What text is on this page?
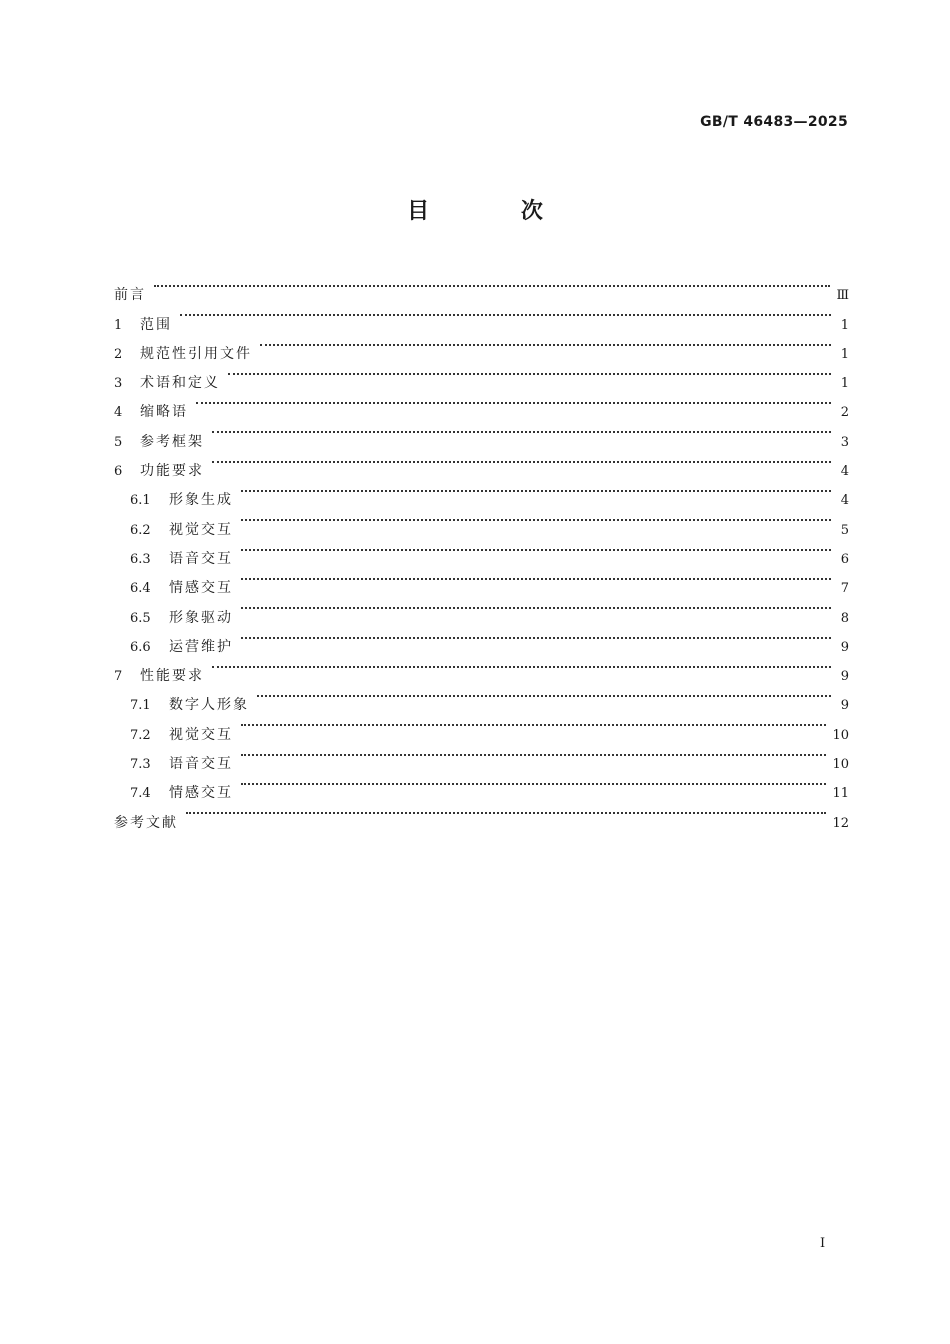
GB/T 46483—2025
目 次
前言	Ⅲ
1	范围	1
2	规范性引用文件	1
3	术语和定义	1
4	缩略语	2
5	参考框架	3
6	功能要求	4
6.1	形象生成	4
6.2	视觉交互	5
6.3	语音交互	6
6.4	情感交互	7
6.5	形象驱动	8
6.6	运营维护	9
7	性能要求	9
7.1	数字人形象	9
7.2	视觉交互	10
7.3	语音交互	10
7.4	情感交互	11
参考文献	12
I
